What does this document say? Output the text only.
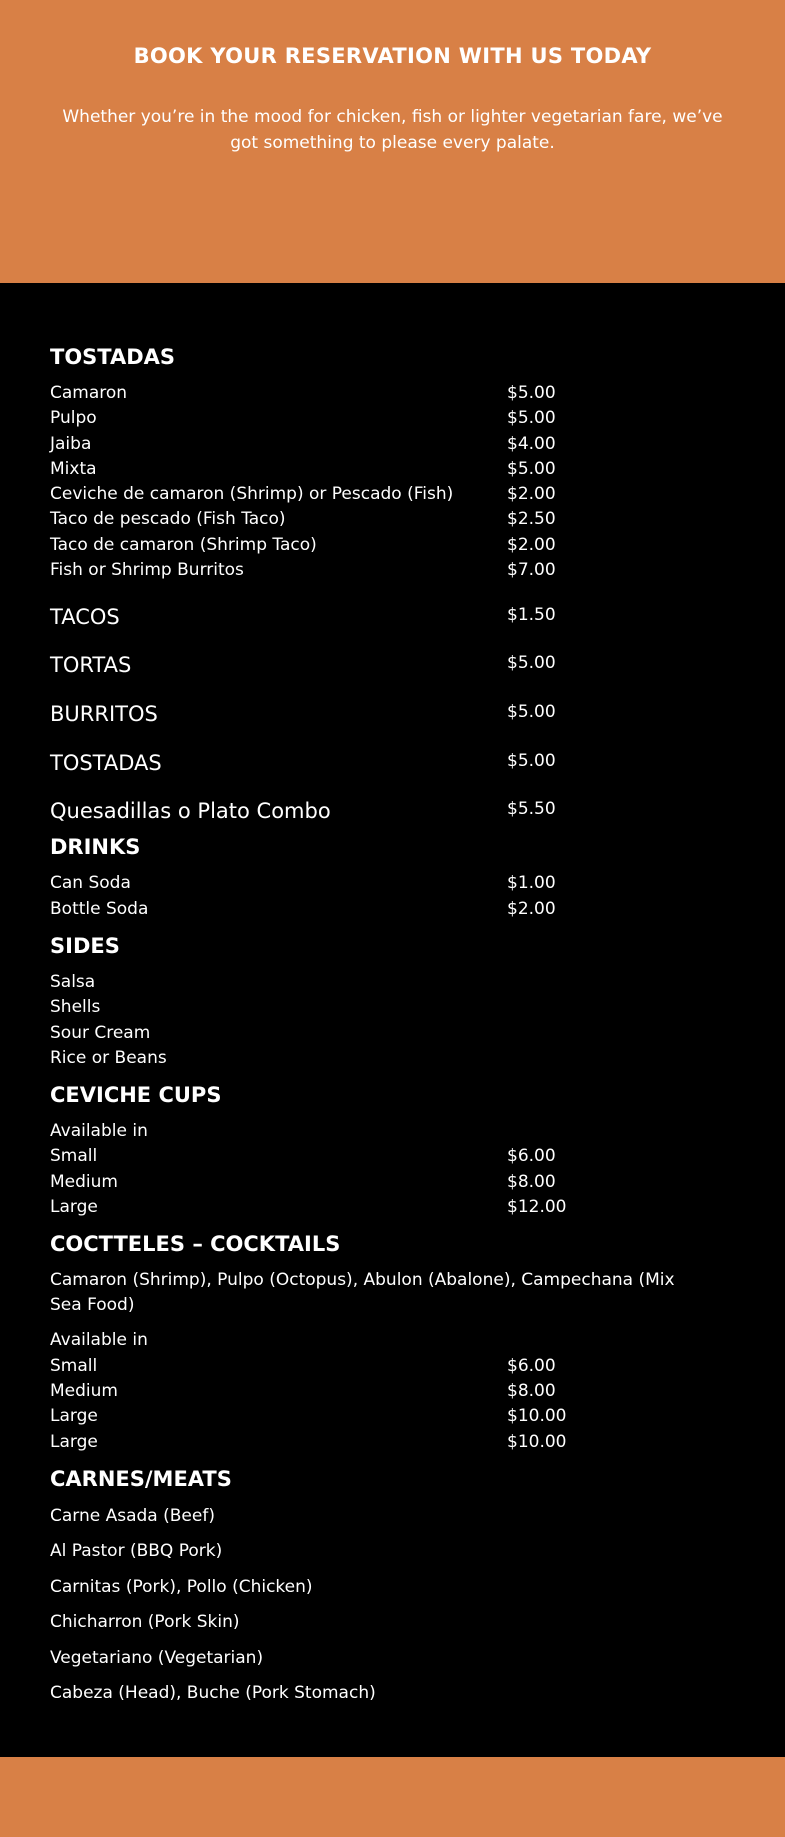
BOOK YOUR RESERVATION WITH US TODAY

Whether you’re in the mood for chicken, fish or lighter vegetarian fare, we’ve got something to please every palate.

TOSTADAS
Camaron	$5.00
Pulpo	$5.00
Jaiba	$4.00
Mixta	$5.00
Ceviche de camaron (Shrimp) or Pescado (Fish)	$2.00
Taco de pescado (Fish Taco)	$2.50
Taco de camaron (Shrimp Taco)	$2.00
Fish or Shrimp Burritos	$7.00
TACOS	$1.50
TORTAS	$5.00
BURRITOS	$5.00
TOSTADAS	$5.00
Quesadillas o Plato Combo	$5.50
DRINKS
Can Soda	$1.00
Bottle Soda	$2.00
SIDES
Salsa
Shells
Sour Cream
Rice or Beans
CEVICHE CUPS
Available in
Small	$6.00
Medium	$8.00
Large	$12.00
COCTTELES – COCKTAILS
Camaron (Shrimp), Pulpo (Octopus), Abulon (Abalone), Campechana (Mix Sea Food)
Available in
Small	$6.00
Medium	$8.00
Large	$10.00
Large	$10.00
CARNES/MEATS
Carne Asada (Beef)
Al Pastor (BBQ Pork)
Carnitas (Pork), Pollo (Chicken)
Chicharron (Pork Skin)
Vegetariano (Vegetarian)
Cabeza (Head), Buche (Pork Stomach)
